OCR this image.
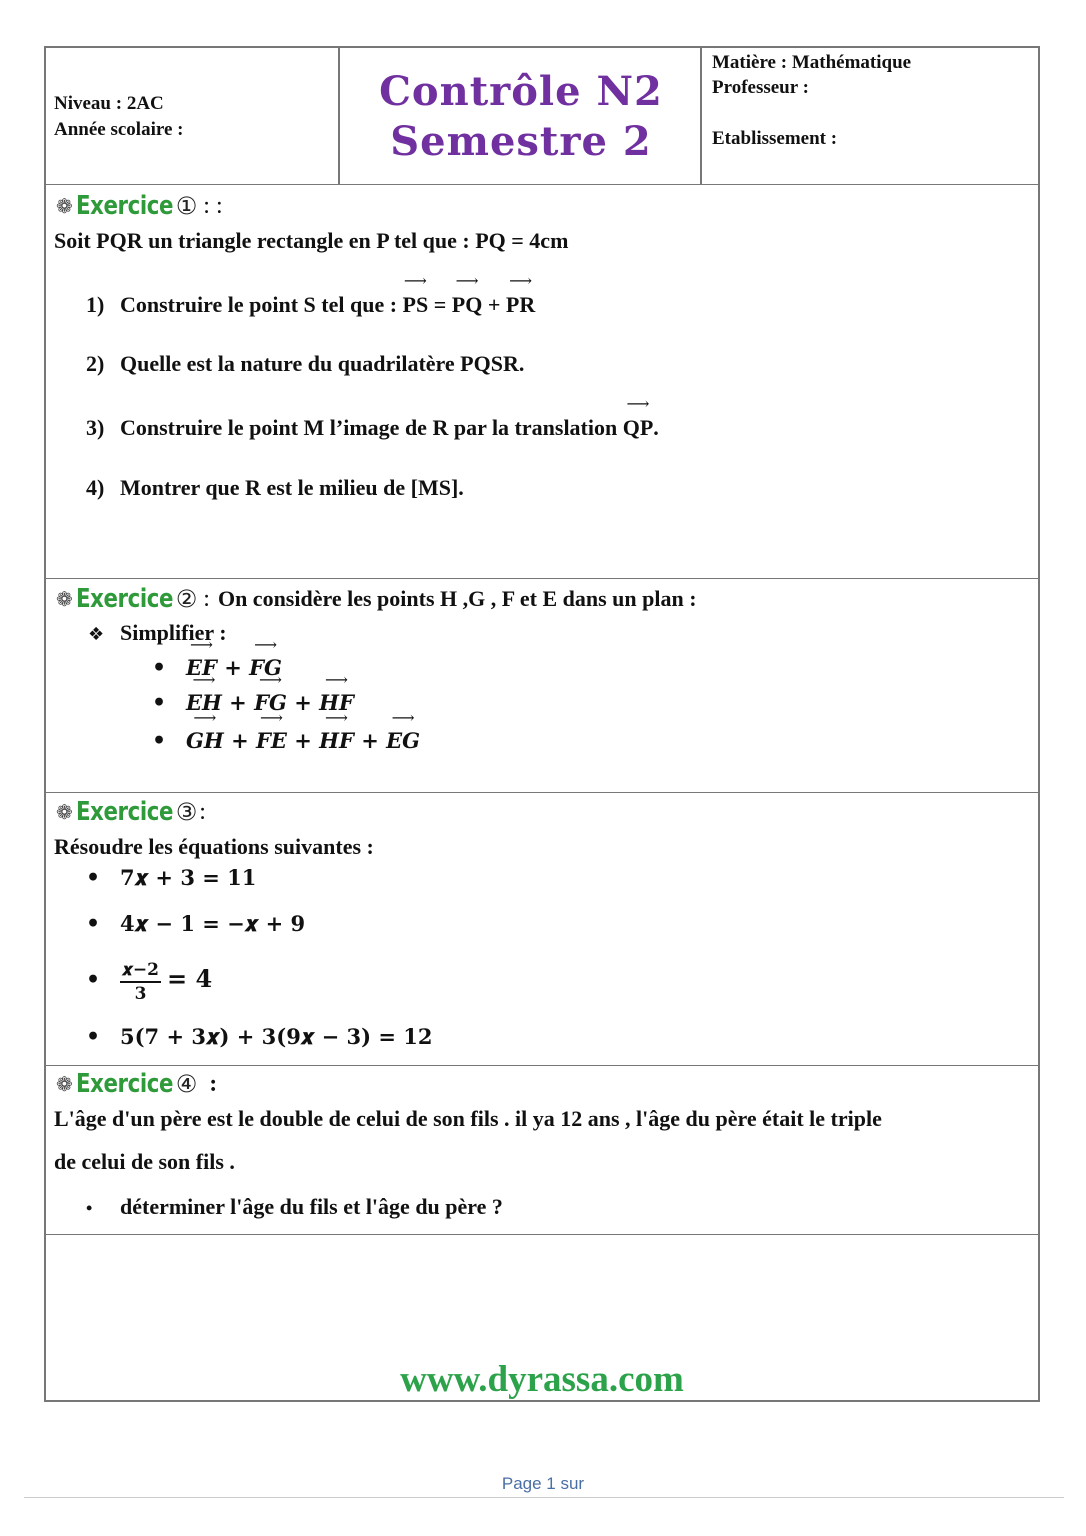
Niveau : 2AC
Année scolaire :
Contrôle N2
Semestre 2
Matière : Mathématique
Professeur :
Etablissement :
❁ Exercice ① : :
Soit PQR un triangle rectangle en P tel que : PQ = 4cm
1) Construire le point S tel que : ⟶ PS = ⟶ PQ + ⟶ PR
2) Quelle est la nature du quadrilatère PQSR.
3) Construire le point M l’image de R par la translation ⟶ QP.
4) Montrer que R est le milieu de [MS].
❁ Exercice ② : On considère les points H ,G , F et E dans un plan :
❖ Simplifier :
• ⟶ EF + ⟶ FG
• ⟶ EH + ⟶ FG + ⟶ HF
• ⟶ GH + ⟶ FE + ⟶ HF + ⟶ EG
❁ Exercice ③ :
Résoudre les équations suivantes :
• 7𝒙 + 3 = 11
• 4𝒙 − 1 = −𝒙 + 9
• $\frac{\text{𝒙−2}}{3} = 4$
• 5(7 + 3𝒙) + 3(9𝒙 − 3) = 12
❁ Exercice ④ :
L'âge d'un père est le double de celui de son fils . il ya 12 ans , l'âge du père était le triple
de celui de son fils .
• déterminer l'âge du fils et l'âge du père ?
www.dyrassa.com
Page 1 sur
